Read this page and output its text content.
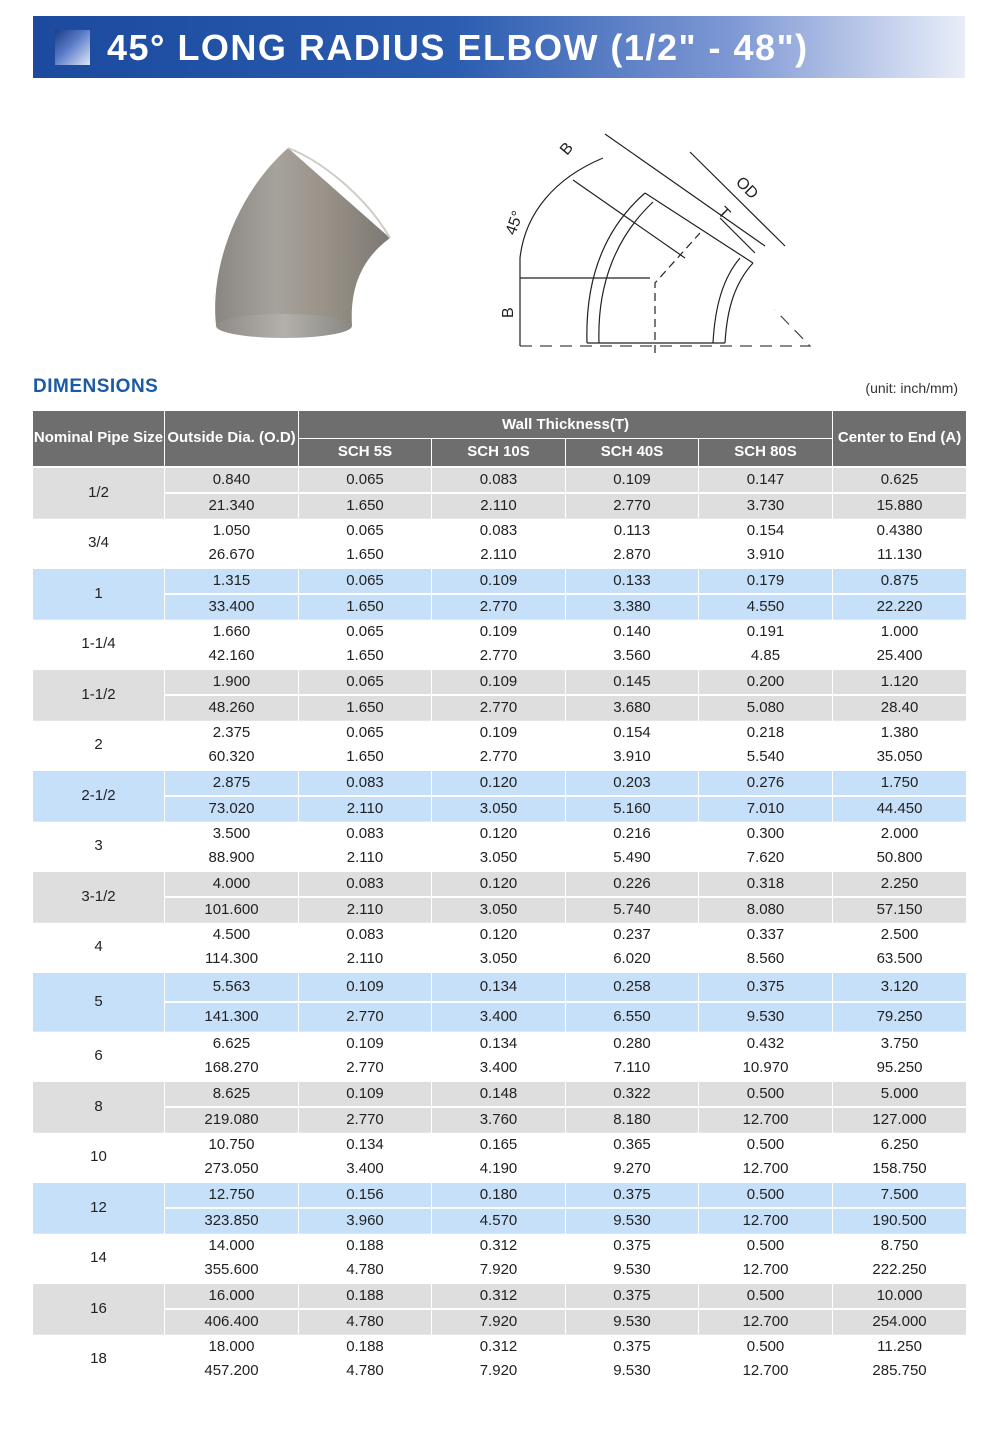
45° LONG RADIUS ELBOW (1/2" - 48")
B
45°
B
OD
T
DIMENSIONS	(unit: inch/mm)
Nominal Pipe Size	Outside Dia. (O.D)	Wall Thickness(T)				Center to End (A)
		SCH 5S	SCH 10S	SCH 40S	SCH 80S	
1/2	0.840	0.065	0.083	0.109	0.147	0.625
	21.340	1.650	2.110	2.770	3.730	15.880
3/4	1.050	0.065	0.083	0.113	0.154	0.4380
	26.670	1.650	2.110	2.870	3.910	11.130
1	1.315	0.065	0.109	0.133	0.179	0.875
	33.400	1.650	2.770	3.380	4.550	22.220
1-1/4	1.660	0.065	0.109	0.140	0.191	1.000
	42.160	1.650	2.770	3.560	4.85	25.400
1-1/2	1.900	0.065	0.109	0.145	0.200	1.120
	48.260	1.650	2.770	3.680	5.080	28.40
2	2.375	0.065	0.109	0.154	0.218	1.380
	60.320	1.650	2.770	3.910	5.540	35.050
2-1/2	2.875	0.083	0.120	0.203	0.276	1.750
	73.020	2.110	3.050	5.160	7.010	44.450
3	3.500	0.083	0.120	0.216	0.300	2.000
	88.900	2.110	3.050	5.490	7.620	50.800
3-1/2	4.000	0.083	0.120	0.226	0.318	2.250
	101.600	2.110	3.050	5.740	8.080	57.150
4	4.500	0.083	0.120	0.237	0.337	2.500
	114.300	2.110	3.050	6.020	8.560	63.500
5	5.563	0.109	0.134	0.258	0.375	3.120
	141.300	2.770	3.400	6.550	9.530	79.250
6	6.625	0.109	0.134	0.280	0.432	3.750
	168.270	2.770	3.400	7.110	10.970	95.250
8	8.625	0.109	0.148	0.322	0.500	5.000
	219.080	2.770	3.760	8.180	12.700	127.000
10	10.750	0.134	0.165	0.365	0.500	6.250
	273.050	3.400	4.190	9.270	12.700	158.750
12	12.750	0.156	0.180	0.375	0.500	7.500
	323.850	3.960	4.570	9.530	12.700	190.500
14	14.000	0.188	0.312	0.375	0.500	8.750
	355.600	4.780	7.920	9.530	12.700	222.250
16	16.000	0.188	0.312	0.375	0.500	10.000
	406.400	4.780	7.920	9.530	12.700	254.000
18	18.000	0.188	0.312	0.375	0.500	11.250
	457.200	4.780	7.920	9.530	12.700	285.750
